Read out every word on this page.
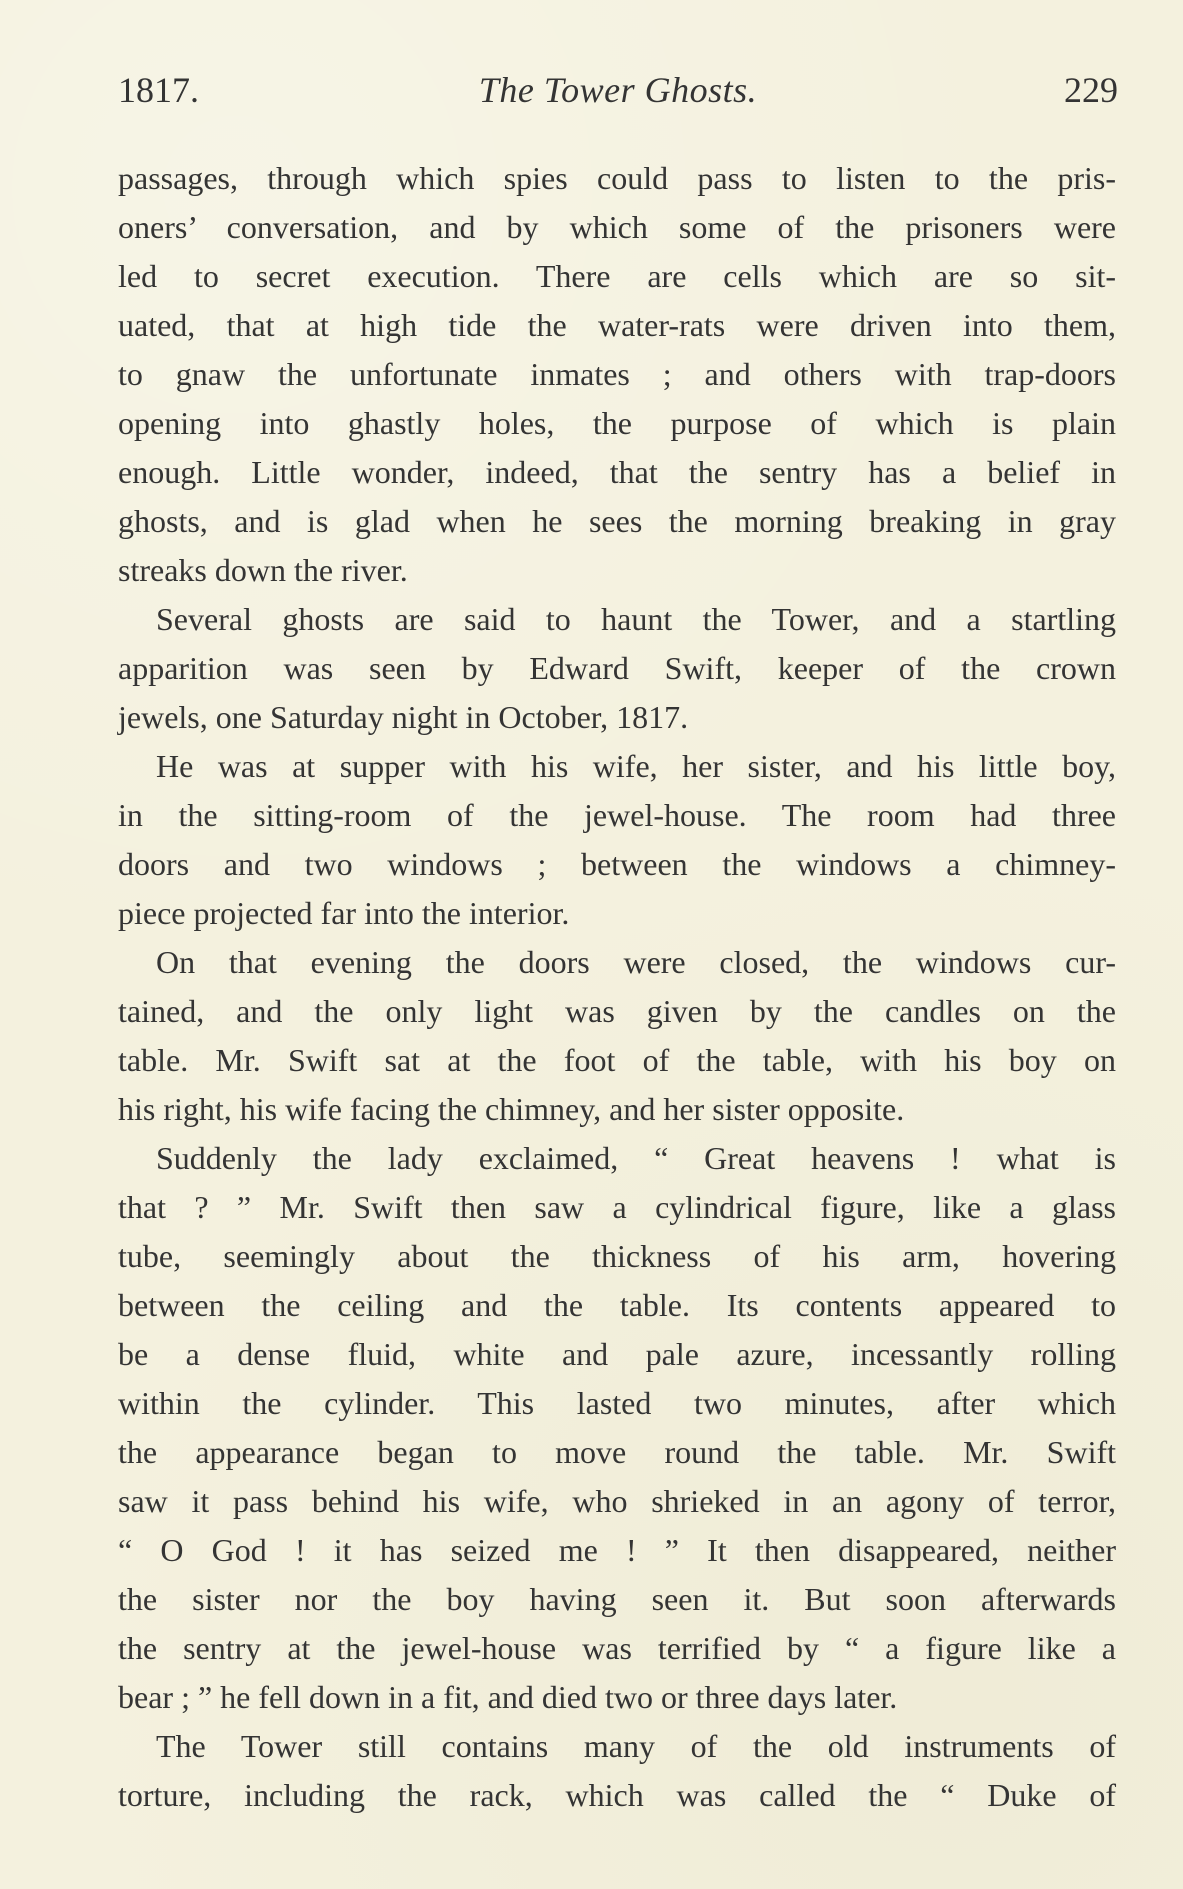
1817.	The Tower Ghosts.	229
passages, through which spies could pass to listen to the pris-
oners’ conversation, and by which some of the prisoners were
led to secret execution. There are cells which are so sit-
uated, that at high tide the water-rats were driven into them,
to gnaw the unfortunate inmates ; and others with trap-doors
opening into ghastly holes, the purpose of which is plain
enough. Little wonder, indeed, that the sentry has a belief in
ghosts, and is glad when he sees the morning breaking in gray
streaks down the river.
Several ghosts are said to haunt the Tower, and a startling
apparition was seen by Edward Swift, keeper of the crown
jewels, one Saturday night in October, 1817.
He was at supper with his wife, her sister, and his little boy,
in the sitting-room of the jewel-house. The room had three
doors and two windows ; between the windows a chimney-
piece projected far into the interior.
On that evening the doors were closed, the windows cur-
tained, and the only light was given by the candles on the
table. Mr. Swift sat at the foot of the table, with his boy on
his right, his wife facing the chimney, and her sister opposite.
Suddenly the lady exclaimed, “ Great heavens ! what is
that ? ” Mr. Swift then saw a cylindrical figure, like a glass
tube, seemingly about the thickness of his arm, hovering
between the ceiling and the table. Its contents appeared to
be a dense fluid, white and pale azure, incessantly rolling
within the cylinder. This lasted two minutes, after which
the appearance began to move round the table. Mr. Swift
saw it pass behind his wife, who shrieked in an agony of terror,
“ O God ! it has seized me ! ” It then disappeared, neither
the sister nor the boy having seen it. But soon afterwards
the sentry at the jewel-house was terrified by “ a figure like a
bear ; ” he fell down in a fit, and died two or three days later.
The Tower still contains many of the old instruments of
torture, including the rack, which was called the “ Duke of
